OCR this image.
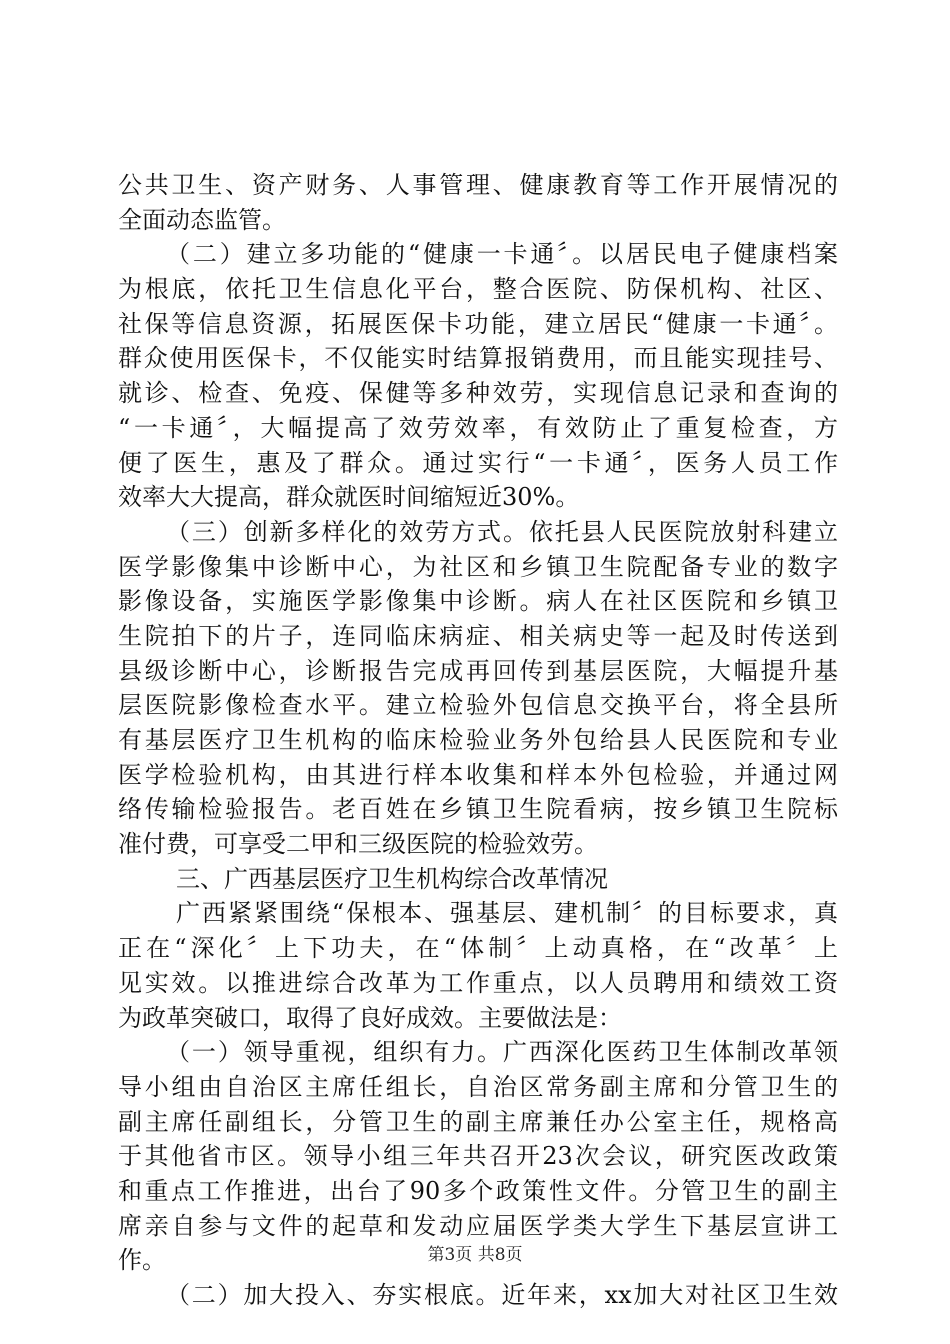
公共卫生、资产财务、人事管理、健康教育等工作开展情况的
全面动态监管。
（二）建立多功能的“健康一卡通〞。以居民电子健康档案
为根底，依托卫生信息化平台，整合医院、防保机构、社区、
社保等信息资源，拓展医保卡功能，建立居民“健康一卡通〞。
群众使用医保卡，不仅能实时结算报销费用，而且能实现挂号、
就诊、检查、免疫、保健等多种效劳，实现信息记录和查询的
“一卡通〞，大幅提高了效劳效率，有效防止了重复检查，方
便了医生，惠及了群众。通过实行“一卡通〞，医务人员工作
效率大大提高，群众就医时间缩短近30%。
（三）创新多样化的效劳方式。依托县人民医院放射科建立
医学影像集中诊断中心，为社区和乡镇卫生院配备专业的数字
影像设备，实施医学影像集中诊断。病人在社区医院和乡镇卫
生院拍下的片子，连同临床病症、相关病史等一起及时传送到
县级诊断中心，诊断报告完成再回传到基层医院，大幅提升基
层医院影像检查水平。建立检验外包信息交换平台，将全县所
有基层医疗卫生机构的临床检验业务外包给县人民医院和专业
医学检验机构，由其进行样本收集和样本外包检验，并通过网
络传输检验报告。老百姓在乡镇卫生院看病，按乡镇卫生院标
准付费，可享受二甲和三级医院的检验效劳。
三、广西基层医疗卫生机构综合改革情况
广西紧紧围绕“保根本、强基层、建机制〞的目标要求，真
正在“深化〞上下功夫，在“体制〞上动真格，在“改革〞上
见实效。以推进综合改革为工作重点，以人员聘用和绩效工资
为政革突破口，取得了良好成效。主要做法是：
（一）领导重视，组织有力。广西深化医药卫生体制改革领
导小组由自治区主席任组长，自治区常务副主席和分管卫生的
副主席任副组长，分管卫生的副主席兼任办公室主任，规格高
于其他省市区。领导小组三年共召开23次会议，研究医改政策
和重点工作推进，出台了90多个政策性文件。分管卫生的副主
席亲自参与文件的起草和发动应届医学类大学生下基层宣讲工
作。
（二）加大投入、夯实根底。近年来，xx加大对社区卫生效
第3页 共8页
